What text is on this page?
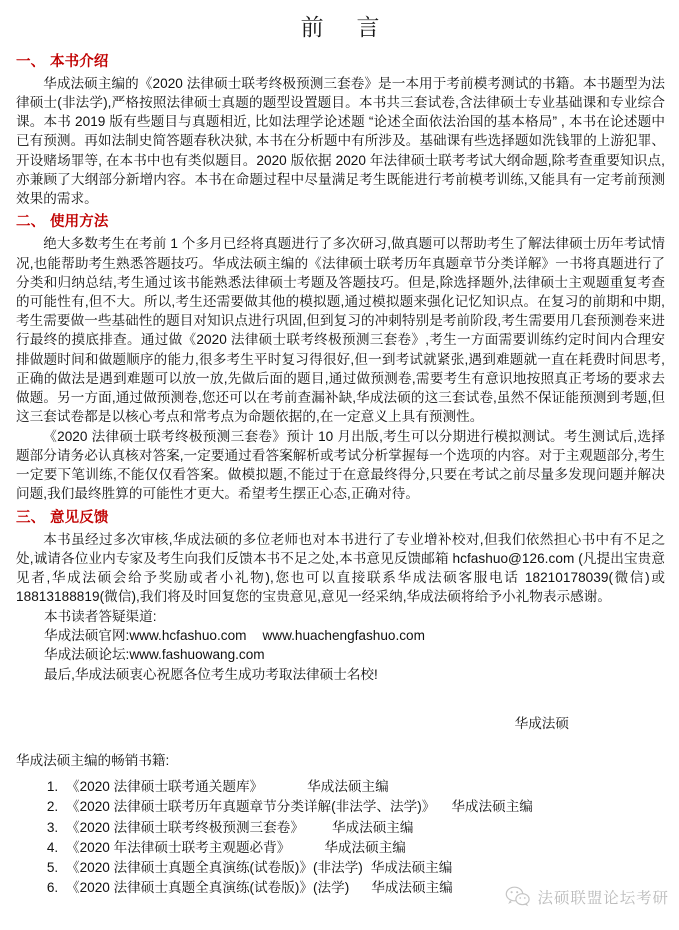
前 言
一、 本书介绍

华成法硕主编的《2020 法律硕士联考终极预测三套卷》是一本用于考前模考测试的书籍。本书题型为法律硕士(非法学),严格按照法律硕士真题的题型设置题目。本书共三套试卷,含法律硕士专业基础课和专业综合课。本书 2019 版有些题目与真题相近, 比如法理学论述题 “论述全面依法治国的基本格局” , 本书在论述题中已有预测。再如法制史简答题春秋决狱, 本书在分析题中有所涉及。基础课有些选择题如洗钱罪的上游犯罪、开设赌场罪等, 在本书中也有类似题目。2020 版依据 2020 年法律硕士联考考试大纲命题,除考查重要知识点,亦兼顾了大纲部分新增内容。本书在命题过程中尽量满足考生既能进行考前模考训练,又能具有一定考前预测效果的需求。

二、 使用方法

绝大多数考生在考前 1 个多月已经将真题进行了多次研习,做真题可以帮助考生了解法律硕士历年考试情况,也能帮助考生熟悉答题技巧。华成法硕主编的《法律硕士联考历年真题章节分类详解》一书将真题进行了分类和归纳总结,考生通过该书能熟悉法律硕士考题及答题技巧。但是,除选择题外,法律硕士主观题重复考查的可能性有,但不大。所以,考生还需要做其他的模拟题,通过模拟题来强化记忆知识点。在复习的前期和中期,考生需要做一些基础性的题目对知识点进行巩固,但到复习的冲刺特别是考前阶段,考生需要用几套预测卷来进行最终的摸底排查。通过做《2020 法律硕士联考终极预测三套卷》,考生一方面需要训练约定时间内合理安排做题时间和做题顺序的能力,很多考生平时复习得很好,但一到考试就紧张,遇到难题就一直在耗费时间思考,正确的做法是遇到难题可以放一放,先做后面的题目,通过做预测卷,需要考生有意识地按照真正考场的要求去做题。另一方面,通过做预测卷,您还可以在考前查漏补缺,华成法硕的这三套试卷,虽然不保证能预测到考题,但这三套试卷都是以核心考点和常考点为命题依据的,在一定意义上具有预测性。

《2020 法律硕士联考终极预测三套卷》预计 10 月出版,考生可以分期进行模拟测试。考生测试后,选择题部分请务必认真核对答案,一定要通过看答案解析或考试分析掌握每一个选项的内容。对于主观题部分,考生一定要下笔训练,不能仅仅看答案。做模拟题,不能过于在意最终得分,只要在考试之前尽量多发现问题并解决问题,我们最终胜算的可能性才更大。希望考生摆正心态,正确对待。

三、 意见反馈

本书虽经过多次审核,华成法硕的多位老师也对本书进行了专业增补校对,但我们依然担心书中有不足之处,诚请各位业内专家及考生向我们反馈本书不足之处,本书意见反馈邮箱 hcfashuo@126.com (凡提出宝贵意见者,华成法硕会给予奖励或者小礼物),您也可以直接联系华成法硕客服电话 18210178039(微信)或 18813188819(微信),我们将及时回复您的宝贵意见,意见一经采纳,华成法硕将给予小礼物表示感谢。

本书读者答疑渠道:

华成法硕官网:www.hcfashuo.com www.huachengfashuo.com

华成法硕论坛:www.fashuowang.com

最后,华成法硕衷心祝愿各位考生成功考取法律硕士名校!

华成法硕

华成法硕主编的畅销书籍:

1. 《2020 法律硕士联考通关题库》	华成法硕主编
2. 《2020 法律硕士联考历年真题章节分类详解(非法学、法学)》 华成法硕主编
3. 《2020 法律硕士联考终极预测三套卷》 华成法硕主编
4. 《2020 年法律硕士联考主观题必背》	华成法硕主编
5. 《2020 法律硕士真题全真演练(试卷版)》(非法学) 华成法硕主编
6. 《2020 法律硕士真题全真演练(试卷版)》(法学) 华成法硕主编
法硕联盟论坛考研
